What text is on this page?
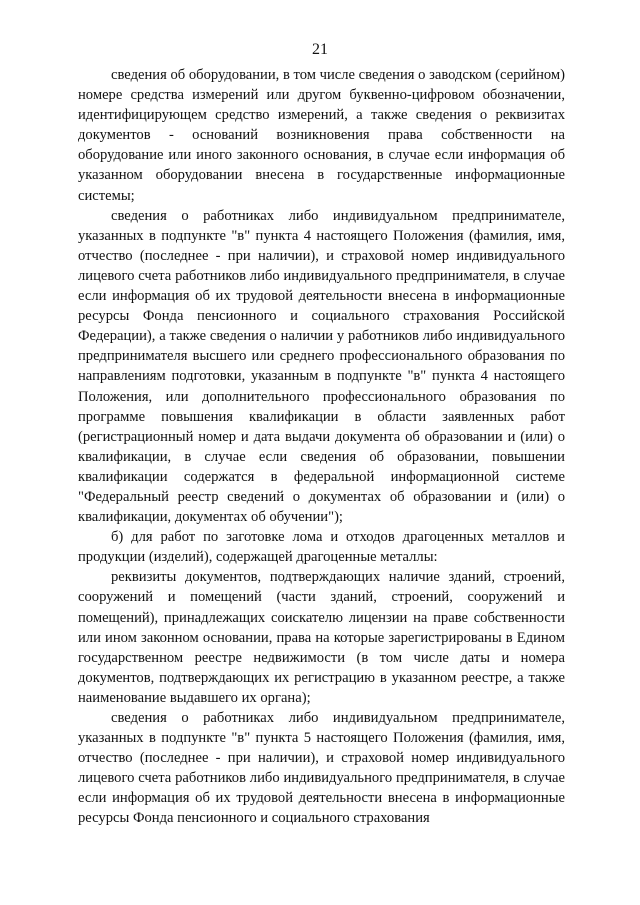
21

сведения об оборудовании, в том числе сведения о заводском (серийном) номере средства измерений или другом буквенно-цифровом обозначении, идентифицирующем средство измерений, а также сведения о реквизитах документов - оснований возникновения права собственности на оборудование или иного законного основания, в случае если информация об указанном оборудовании внесена в государственные информационные системы;

сведения о работниках либо индивидуальном предпринимателе, указанных в подпункте "в" пункта 4 настоящего Положения (фамилия, имя, отчество (последнее - при наличии), и страховой номер индивидуального лицевого счета работников либо индивидуального предпринимателя, в случае если информация об их трудовой деятельности внесена в информационные ресурсы Фонда пенсионного и социального страхования Российской Федерации), а также сведения о наличии у работников либо индивидуального предпринимателя высшего или среднего профессионального образования по направлениям подготовки, указанным в подпункте "в" пункта 4 настоящего Положения, или дополнительного профессионального образования по программе повышения квалификации в области заявленных работ (регистрационный номер и дата выдачи документа об образовании и (или) о квалификации, в случае если сведения об образовании, повышении квалификации содержатся в федеральной информационной системе "Федеральный реестр сведений о документах об образовании и (или) о квалификации, документах об обучении");

б) для работ по заготовке лома и отходов драгоценных металлов и продукции (изделий), содержащей драгоценные металлы:

реквизиты документов, подтверждающих наличие зданий, строений, сооружений и помещений (части зданий, строений, сооружений и помещений), принадлежащих соискателю лицензии на праве собственности или ином законном основании, права на которые зарегистрированы в Едином государственном реестре недвижимости (в том числе даты и номера документов, подтверждающих их регистрацию в указанном реестре, а также наименование выдавшего их органа);

сведения о работниках либо индивидуальном предпринимателе, указанных в подпункте "в" пункта 5 настоящего Положения (фамилия, имя, отчество (последнее - при наличии), и страховой номер индивидуального лицевого счета работников либо индивидуального предпринимателя, в случае если информация об их трудовой деятельности внесена в информационные ресурсы Фонда пенсионного и социального страхования
